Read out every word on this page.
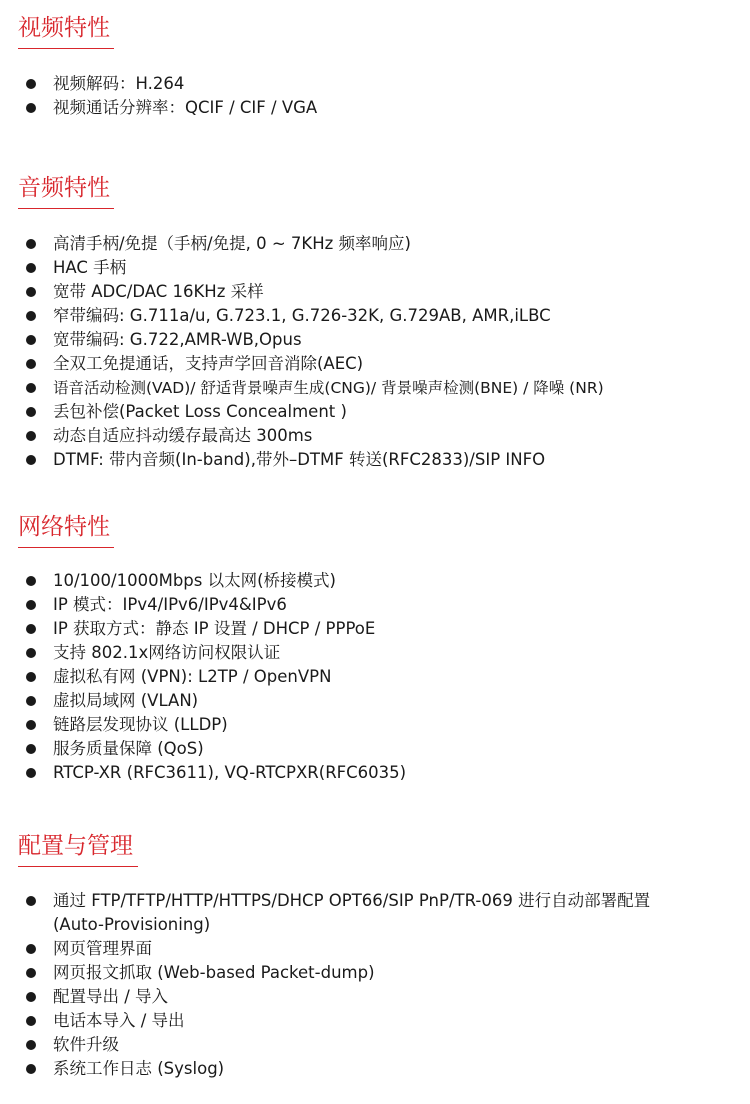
视频特性
视频解码：H.264
视频通话分辨率：QCIF / CIF / VGA
音频特性
高清手柄/免提（手柄/免提, 0 ~ 7KHz 频率响应)
HAC 手柄
宽带 ADC/DAC 16KHz 采样
窄带编码: G.711a/u, G.723.1, G.726-32K, G.729AB, AMR,iLBC
宽带编码: G.722,AMR-WB,Opus
全双工免提通话，支持声学回音消除(AEC)
语音活动检测(VAD)/ 舒适背景噪声生成(CNG)/ 背景噪声检测(BNE) / 降噪 (NR)
丢包补偿(Packet Loss Concealment )
动态自适应抖动缓存最高达 300ms
DTMF: 带内音频(In-band),带外–DTMF 转送(RFC2833)/SIP INFO
网络特性
10/100/1000Mbps 以太网(桥接模式)
IP 模式：IPv4/IPv6/IPv4&IPv6
IP 获取方式：静态 IP 设置 / DHCP / PPPoE
支持 802.1x网络访问权限认证
虚拟私有网 (VPN): L2TP / OpenVPN
虚拟局域网 (VLAN)
链路层发现协议 (LLDP)
服务质量保障 (QoS)
RTCP-XR (RFC3611), VQ-RTCPXR(RFC6035)
配置与管理
通过 FTP/TFTP/HTTP/HTTPS/DHCP OPT66/SIP PnP/TR-069 进行自动部署配置 (Auto-Provisioning)
网页管理界面
网页报文抓取 (Web-based Packet-dump)
配置导出 / 导入
电话本导入 / 导出
软件升级
系统工作日志 (Syslog)
